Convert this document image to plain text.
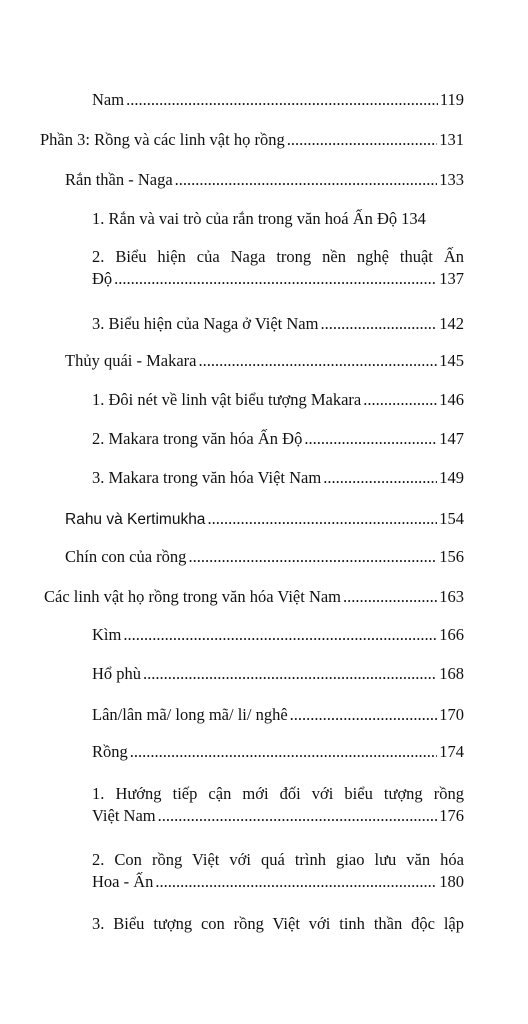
Nam .....	119
Phần 3: Rồng và các linh vật họ rồng .....	131
Rắn thần - Naga .....	133
1. Rắn và vai trò của rắn trong văn hoá Ấn Độ 134
2. Biểu hiện của Naga trong nền nghệ thuật Ấn
Độ .....	137
3. Biểu hiện của Naga ở Việt Nam .....	142
Thủy quái - Makara .....	145
1. Đôi nét về linh vật biểu tượng Makara .....	146
2. Makara trong văn hóa Ấn Độ .....	147
3. Makara trong văn hóa Việt Nam .....	149
Rahu và Kertimukha .....	154
Chín con của rồng .....	156
Các linh vật họ rồng trong văn hóa Việt Nam .....	163
Kìm .....	166
Hổ phù .....	168
Lân/lân mã/ long mã/ li/ nghê .....	170
Rồng .....	174
1. Hướng tiếp cận mới đối với biểu tượng rồng
Việt Nam .....	176
2. Con rồng Việt với quá trình giao lưu văn hóa
Hoa - Ấn .....	180
3. Biểu tượng con rồng Việt với tinh thần độc lập
